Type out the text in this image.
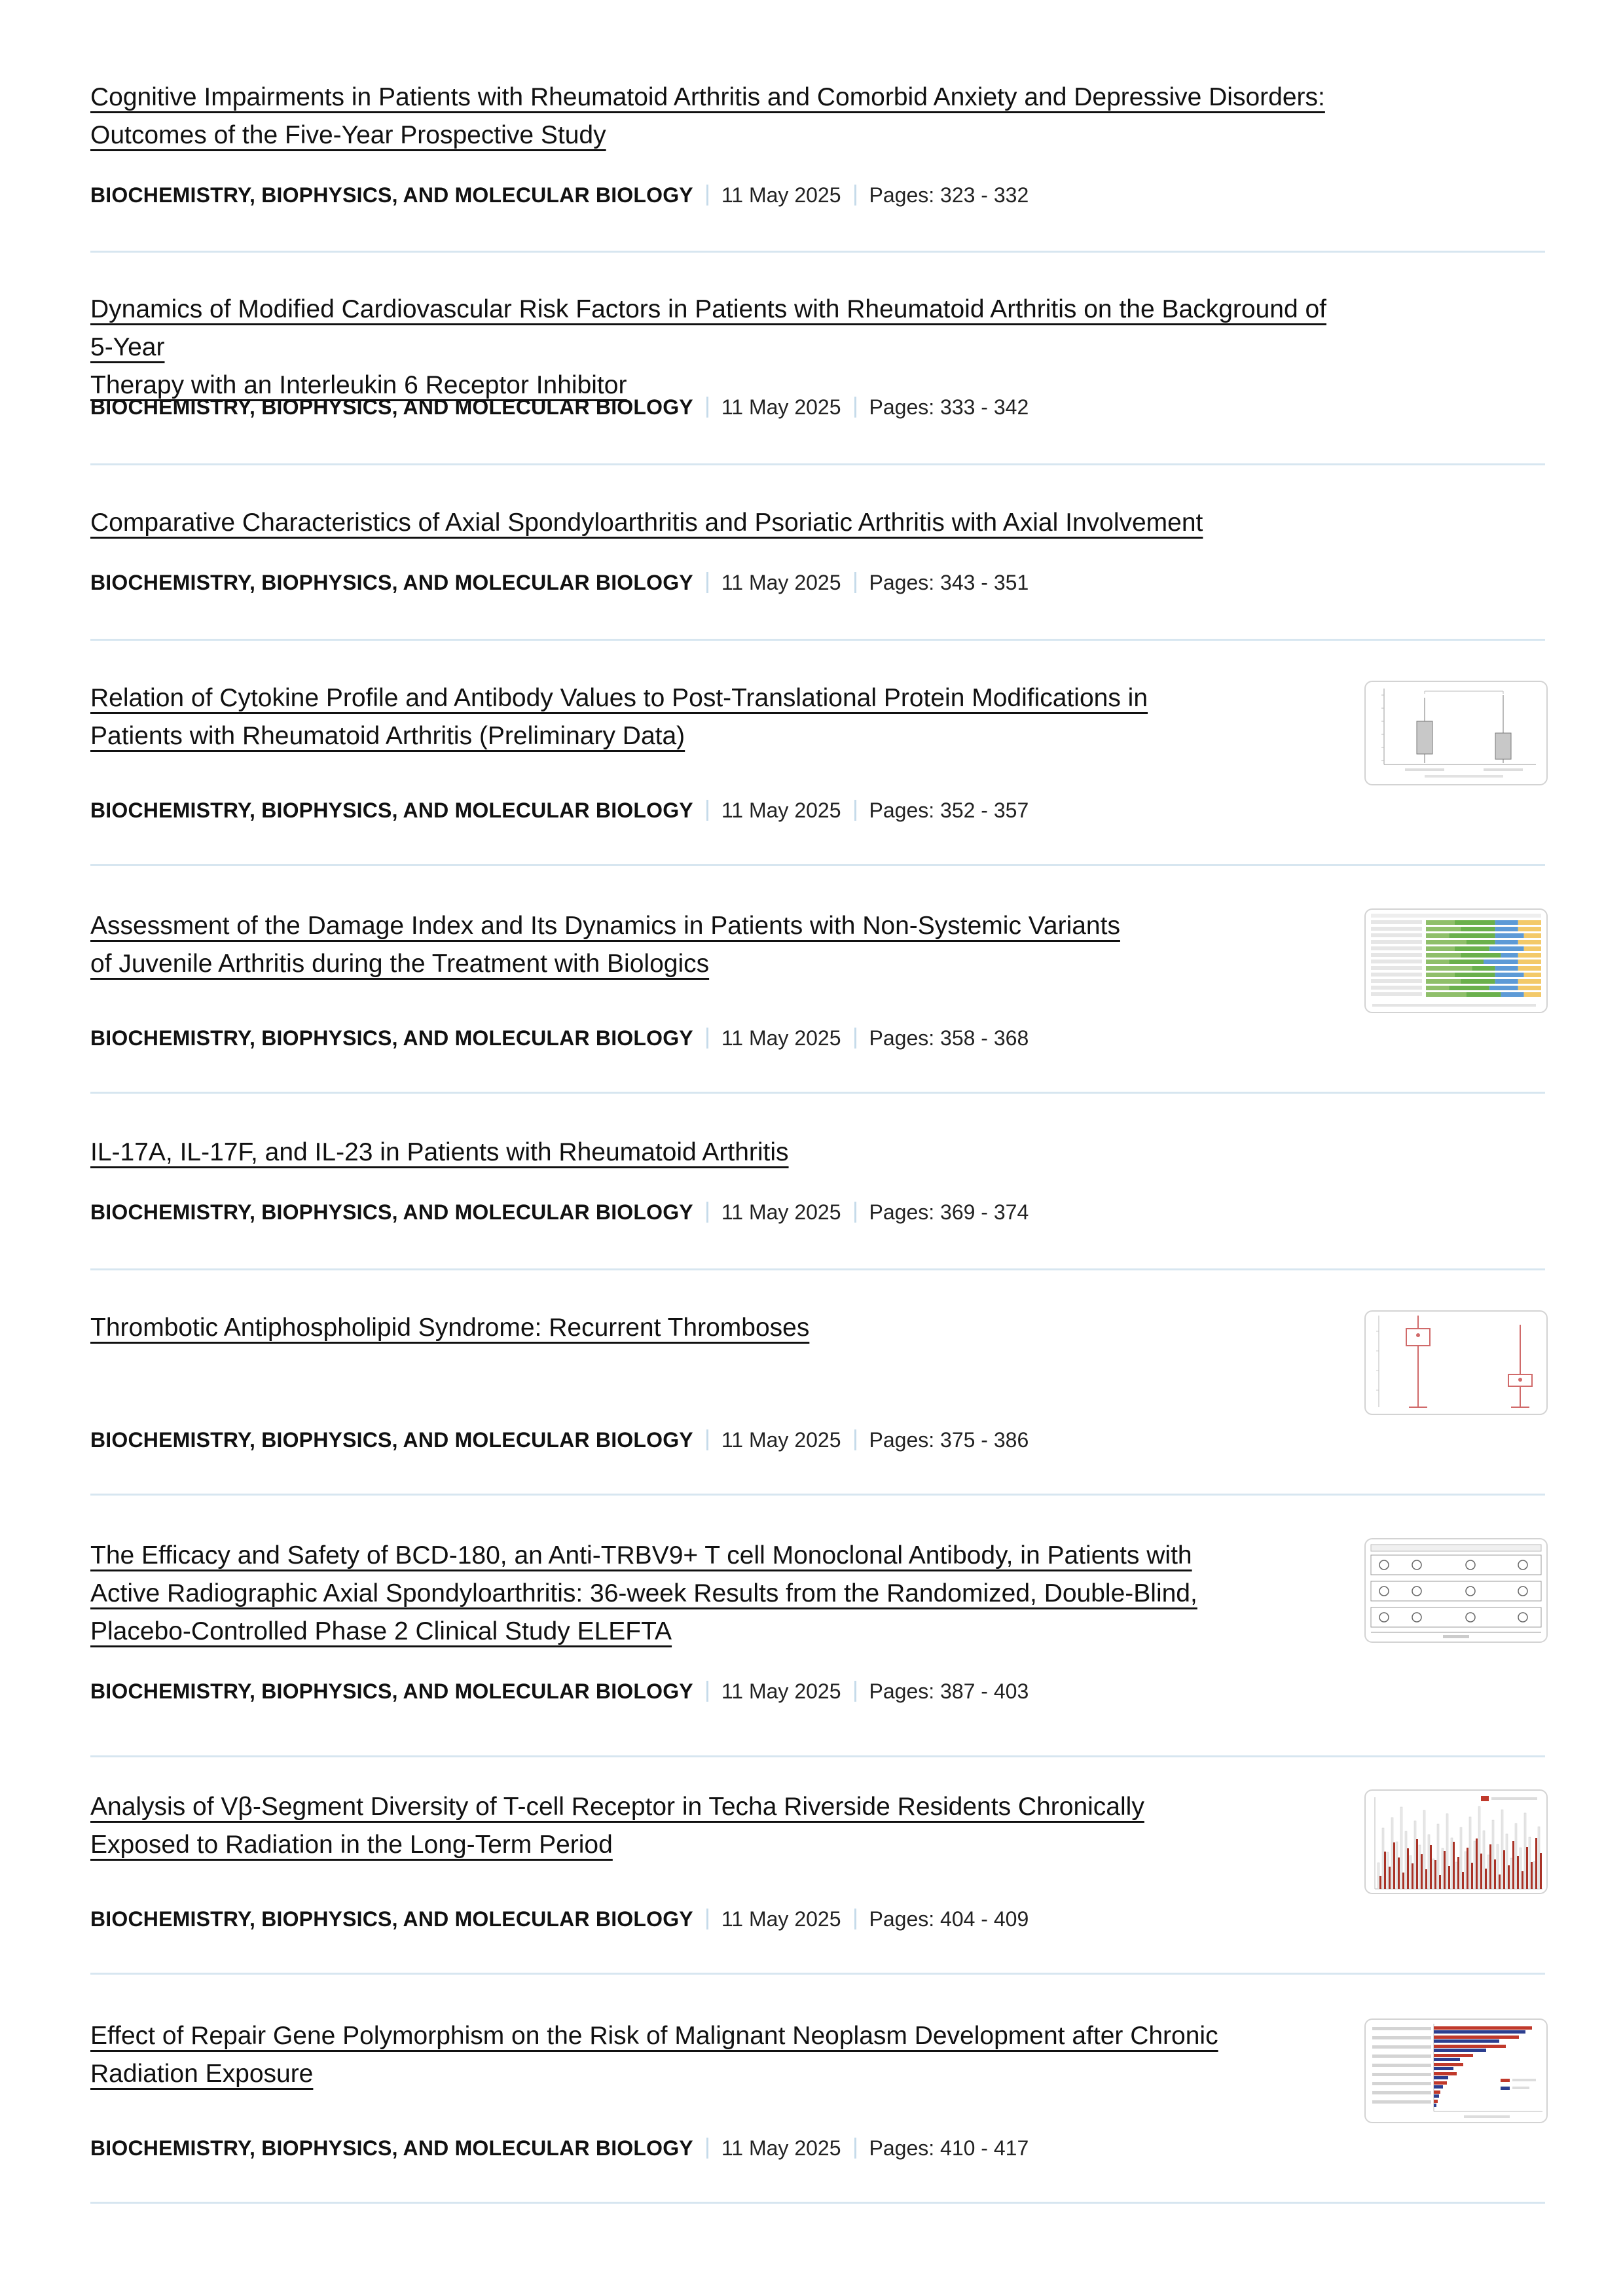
Cognitive Impairments in Patients with Rheumatoid Arthritis and Comorbid Anxiety and Depressive Disorders:
Outcomes of the Five-Year Prospective Study
BIOCHEMISTRY, BIOPHYSICS, AND MOLECULAR BIOLOGY 11 May 2025 Pages: 323 - 332
Dynamics of Modified Cardiovascular Risk Factors in Patients with Rheumatoid Arthritis on the Background of 5-Year
Therapy with an Interleukin 6 Receptor Inhibitor
BIOCHEMISTRY, BIOPHYSICS, AND MOLECULAR BIOLOGY 11 May 2025 Pages: 333 - 342
Comparative Characteristics of Axial Spondyloarthritis and Psoriatic Arthritis with Axial Involvement
BIOCHEMISTRY, BIOPHYSICS, AND MOLECULAR BIOLOGY 11 May 2025 Pages: 343 - 351
Relation of Cytokine Profile and Antibody Values to Post-Translational Protein Modifications in
Patients with Rheumatoid Arthritis (Preliminary Data)
BIOCHEMISTRY, BIOPHYSICS, AND MOLECULAR BIOLOGY 11 May 2025 Pages: 352 - 357
Assessment of the Damage Index and Its Dynamics in Patients with Non-Systemic Variants
of Juvenile Arthritis during the Treatment with Biologics
BIOCHEMISTRY, BIOPHYSICS, AND MOLECULAR BIOLOGY 11 May 2025 Pages: 358 - 368
IL-17A, IL-17F, and IL-23 in Patients with Rheumatoid Arthritis
BIOCHEMISTRY, BIOPHYSICS, AND MOLECULAR BIOLOGY 11 May 2025 Pages: 369 - 374
Thrombotic Antiphospholipid Syndrome: Recurrent Thromboses
BIOCHEMISTRY, BIOPHYSICS, AND MOLECULAR BIOLOGY 11 May 2025 Pages: 375 - 386
The Efficacy and Safety of BCD-180, an Anti-TRBV9+ T cell Monoclonal Antibody, in Patients with
Active Radiographic Axial Spondyloarthritis: 36-week Results from the Randomized, Double-Blind,
Placebo-Controlled Phase 2 Clinical Study ELEFTA
BIOCHEMISTRY, BIOPHYSICS, AND MOLECULAR BIOLOGY 11 May 2025 Pages: 387 - 403
Analysis of Vβ-Segment Diversity of T-cell Receptor in Techa Riverside Residents Chronically
Exposed to Radiation in the Long-Term Period
BIOCHEMISTRY, BIOPHYSICS, AND MOLECULAR BIOLOGY 11 May 2025 Pages: 404 - 409
Effect of Repair Gene Polymorphism on the Risk of Malignant Neoplasm Development after Chronic
Radiation Exposure
BIOCHEMISTRY, BIOPHYSICS, AND MOLECULAR BIOLOGY 11 May 2025 Pages: 410 - 417
